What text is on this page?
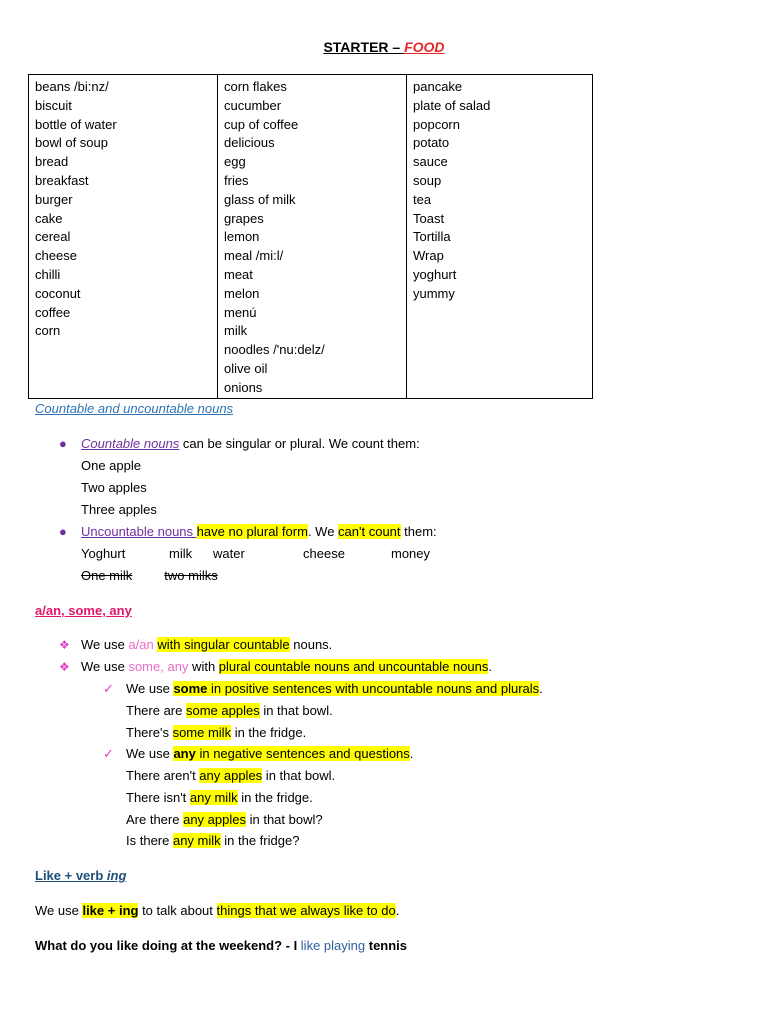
STARTER – FOOD
beans /bi:nz/
biscuit
bottle of water
bowl of soup
bread
breakfast
burger
cake
cereal
cheese
chilli
coconut
coffee
corn

corn flakes
cucumber
cup of coffee
delicious
egg
fries
glass of milk
grapes
lemon
meal /mi:l/
meat
melon
menú
milk
noodles /'nu:delz/
olive oil
onions

pancake
plate of salad
popcorn
potato
sauce
soup
tea
Toast
Tortilla
Wrap
yoghurt
yummy
Countable and uncountable nouns
● Countable nouns can be singular or plural. We count them:
One apple
Two apples
Three apples
● Uncountable nouns have no plural form. We can't count them:
Yoghurt	milk water	cheese	money
One milk two milks
a/an, some, any
❖ We use a/an with singular countable nouns.
❖ We use some, any with plural countable nouns and uncountable nouns.
✓ We use some in positive sentences with uncountable nouns and plurals.
There are some apples in that bowl.
There's some milk in the fridge.
✓ We use any in negative sentences and questions.
There aren't any apples in that bowl.
There isn't any milk in the fridge.
Are there any apples in that bowl?
Is there any milk in the fridge?
Like + verb ing
We use like + ing to talk about things that we always like to do.
What do you like doing at the weekend? - I like playing tennis
